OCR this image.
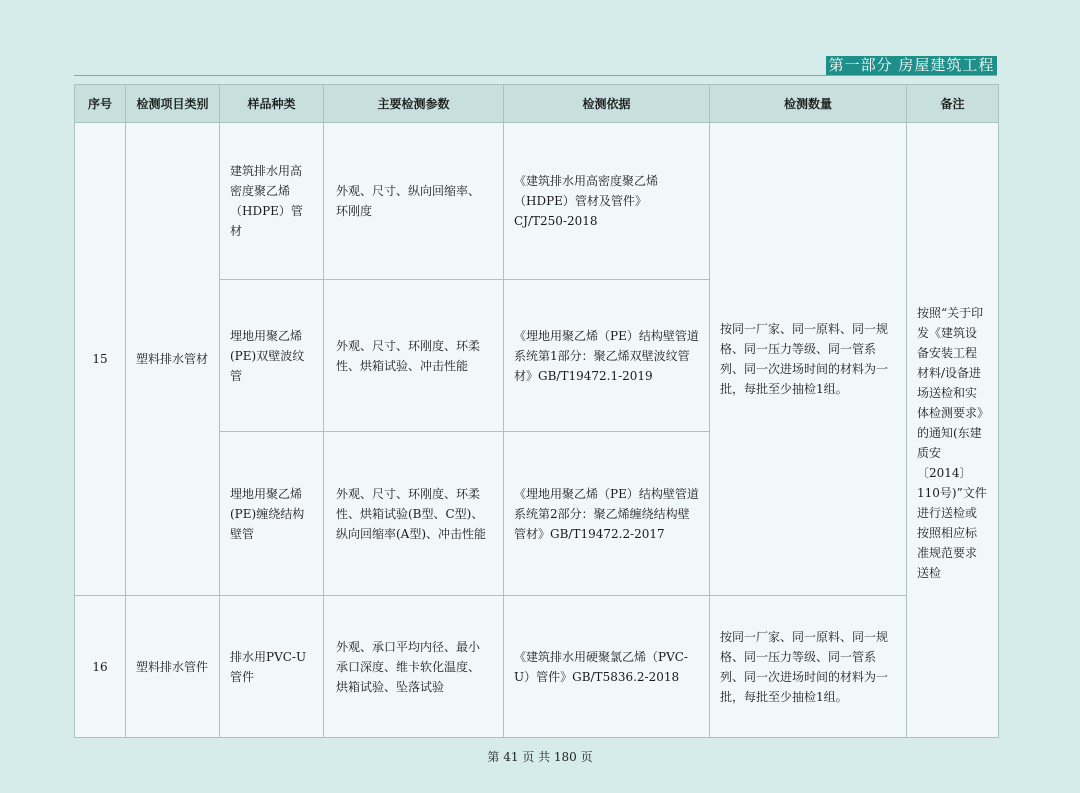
第一部分 房屋建筑工程
序号	检测项目类别	样品种类	主要检测参数	检测依据	检测数量	备注
15	塑料排水管材	建筑排水用高密度聚乙烯（HDPE）管材	外观、尺寸、纵向回缩率、环刚度	《建筑排水用高密度聚乙烯（HDPE）管材及管件》CJ/T250-2018	按同一厂家、同一原料、同一规格、同一压力等级、同一管系列、同一次进场时间的材料为一批，每批至少抽检1组。	按照“关于印发《建筑设备安装工程材料/设备进场送检和实体检测要求》的通知(东建质安〔2014〕110号)”文件进行送检或按照相应标准规范要求送检
		埋地用聚乙烯(PE)双壁波纹管	外观、尺寸、环刚度、环柔性、烘箱试验、冲击性能	《埋地用聚乙烯（PE）结构壁管道系统第1部分：聚乙烯双壁波纹管材》GB/T19472.1-2019		
		埋地用聚乙烯(PE)缠绕结构壁管	外观、尺寸、环刚度、环柔性、烘箱试验(B型、C型)、纵向回缩率(A型)、冲击性能	《埋地用聚乙烯（PE）结构壁管道系统第2部分：聚乙烯缠绕结构壁管材》GB/T19472.2-2017		
16	塑料排水管件	排水用PVC-U管件	外观、承口平均内径、最小承口深度、维卡软化温度、烘箱试验、坠落试验	《建筑排水用硬聚氯乙烯（PVC-U）管件》GB/T5836.2-2018	按同一厂家、同一原料、同一规格、同一压力等级、同一管系列、同一次进场时间的材料为一批，每批至少抽检1组。	
第 41 页 共 180 页
